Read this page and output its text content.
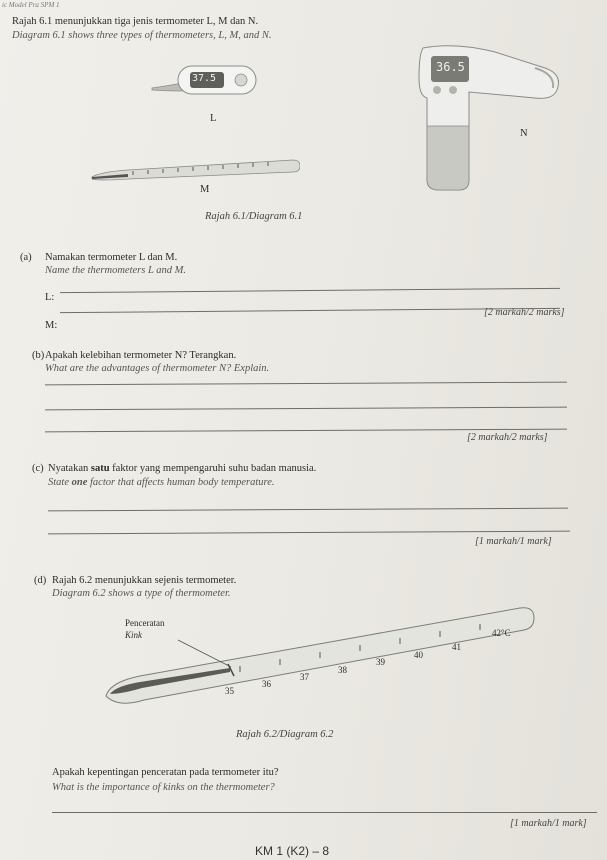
ic Model Pra SPM 1
Rajah 6.1 menunjukkan tiga jenis termometer L, M dan N.
Diagram 6.1 shows three types of thermometers, L, M, and N.
37.5
L
M
36.5
N
Rajah 6.1/Diagram 6.1
(a) Namakan termometer L dan M.
Name the thermometers L and M.
L:
[2 markah/2 marks]
M:
(b) Apakah kelebihan termometer N? Terangkan.
What are the advantages of thermometer N? Explain.
[2 markah/2 marks]
(c) Nyatakan satu faktor yang mempengaruhi suhu badan manusia.
State one factor that affects human body temperature.
[1 markah/1 mark]
(d) Rajah 6.2 menunjukkan sejenis termometer.
Diagram 6.2 shows a type of thermometer.
Penceratan
Kink
35
36
37
38
39
40
41
42°C
Rajah 6.2/Diagram 6.2
Apakah kepentingan penceratan pada termometer itu?
What is the importance of kinks on the thermometer?
[1 markah/1 mark]
KM 1 (K2) – 8
